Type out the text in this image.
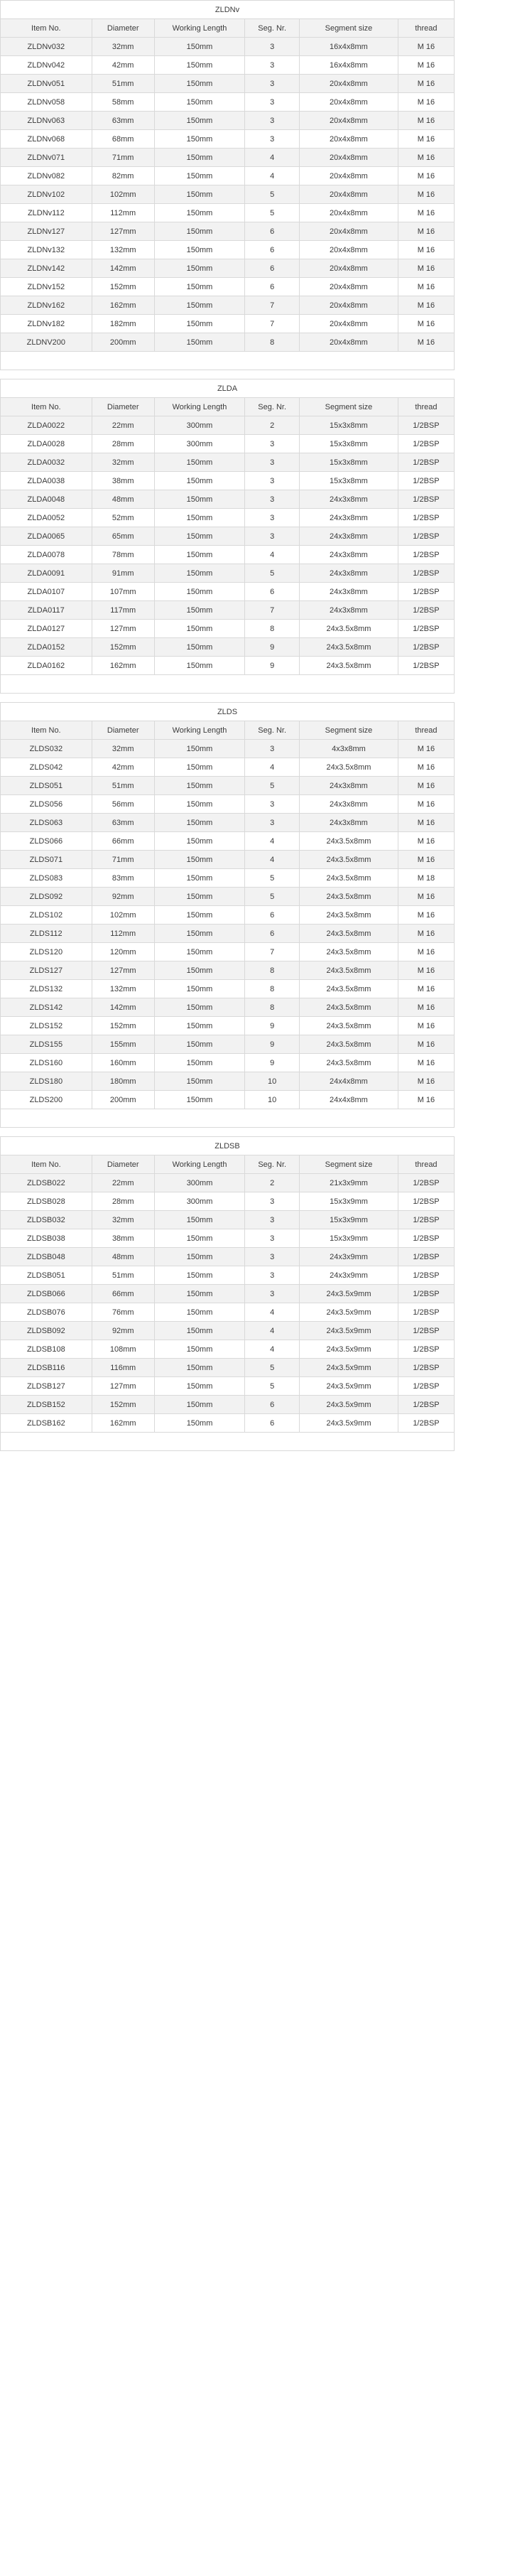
ZLDNv					
Item No.	Diameter	Working Length	Seg. Nr.	Segment size	thread
ZLDNv032	32mm	150mm	3	16x4x8mm	M 16
ZLDNv042	42mm	150mm	3	16x4x8mm	M 16
ZLDNv051	51mm	150mm	3	20x4x8mm	M 16
ZLDNv058	58mm	150mm	3	20x4x8mm	M 16
ZLDNv063	63mm	150mm	3	20x4x8mm	M 16
ZLDNv068	68mm	150mm	3	20x4x8mm	M 16
ZLDNv071	71mm	150mm	4	20x4x8mm	M 16
ZLDNv082	82mm	150mm	4	20x4x8mm	M 16
ZLDNv102	102mm	150mm	5	20x4x8mm	M 16
ZLDNv112	112mm	150mm	5	20x4x8mm	M 16
ZLDNv127	127mm	150mm	6	20x4x8mm	M 16
ZLDNv132	132mm	150mm	6	20x4x8mm	M 16
ZLDNv142	142mm	150mm	6	20x4x8mm	M 16
ZLDNv152	152mm	150mm	6	20x4x8mm	M 16
ZLDNv162	162mm	150mm	7	20x4x8mm	M 16
ZLDNv182	182mm	150mm	7	20x4x8mm	M 16
ZLDNV200	200mm	150mm	8	20x4x8mm	M 16

ZLDA					
Item No.	Diameter	Working Length	Seg. Nr.	Segment size	thread
ZLDA0022	22mm	300mm	2	15x3x8mm	1/2BSP
ZLDA0028	28mm	300mm	3	15x3x8mm	1/2BSP
ZLDA0032	32mm	150mm	3	15x3x8mm	1/2BSP
ZLDA0038	38mm	150mm	3	15x3x8mm	1/2BSP
ZLDA0048	48mm	150mm	3	24x3x8mm	1/2BSP
ZLDA0052	52mm	150mm	3	24x3x8mm	1/2BSP
ZLDA0065	65mm	150mm	3	24x3x8mm	1/2BSP
ZLDA0078	78mm	150mm	4	24x3x8mm	1/2BSP
ZLDA0091	91mm	150mm	5	24x3x8mm	1/2BSP
ZLDA0107	107mm	150mm	6	24x3x8mm	1/2BSP
ZLDA0117	117mm	150mm	7	24x3x8mm	1/2BSP
ZLDA0127	127mm	150mm	8	24x3.5x8mm	1/2BSP
ZLDA0152	152mm	150mm	9	24x3.5x8mm	1/2BSP
ZLDA0162	162mm	150mm	9	24x3.5x8mm	1/2BSP

ZLDS					
Item No.	Diameter	Working Length	Seg. Nr.	Segment size	thread
ZLDS032	32mm	150mm	3	4x3x8mm	M 16
ZLDS042	42mm	150mm	4	24x3.5x8mm	M 16
ZLDS051	51mm	150mm	5	24x3x8mm	M 16
ZLDS056	56mm	150mm	3	24x3x8mm	M 16
ZLDS063	63mm	150mm	3	24x3x8mm	M 16
ZLDS066	66mm	150mm	4	24x3.5x8mm	M 16
ZLDS071	71mm	150mm	4	24x3.5x8mm	M 16
ZLDS083	83mm	150mm	5	24x3.5x8mm	M 18
ZLDS092	92mm	150mm	5	24x3.5x8mm	M 16
ZLDS102	102mm	150mm	6	24x3.5x8mm	M 16
ZLDS112	112mm	150mm	6	24x3.5x8mm	M 16
ZLDS120	120mm	150mm	7	24x3.5x8mm	M 16
ZLDS127	127mm	150mm	8	24x3.5x8mm	M 16
ZLDS132	132mm	150mm	8	24x3.5x8mm	M 16
ZLDS142	142mm	150mm	8	24x3.5x8mm	M 16
ZLDS152	152mm	150mm	9	24x3.5x8mm	M 16
ZLDS155	155mm	150mm	9	24x3.5x8mm	M 16
ZLDS160	160mm	150mm	9	24x3.5x8mm	M 16
ZLDS180	180mm	150mm	10	24x4x8mm	M 16
ZLDS200	200mm	150mm	10	24x4x8mm	M 16

ZLDSB					
Item No.	Diameter	Working Length	Seg. Nr.	Segment size	thread
ZLDSB022	22mm	300mm	2	21x3x9mm	1/2BSP
ZLDSB028	28mm	300mm	3	15x3x9mm	1/2BSP
ZLDSB032	32mm	150mm	3	15x3x9mm	1/2BSP
ZLDSB038	38mm	150mm	3	15x3x9mm	1/2BSP
ZLDSB048	48mm	150mm	3	24x3x9mm	1/2BSP
ZLDSB051	51mm	150mm	3	24x3x9mm	1/2BSP
ZLDSB066	66mm	150mm	3	24x3.5x9mm	1/2BSP
ZLDSB076	76mm	150mm	4	24x3.5x9mm	1/2BSP
ZLDSB092	92mm	150mm	4	24x3.5x9mm	1/2BSP
ZLDSB108	108mm	150mm	4	24x3.5x9mm	1/2BSP
ZLDSB116	116mm	150mm	5	24x3.5x9mm	1/2BSP
ZLDSB127	127mm	150mm	5	24x3.5x9mm	1/2BSP
ZLDSB152	152mm	150mm	6	24x3.5x9mm	1/2BSP
ZLDSB162	162mm	150mm	6	24x3.5x9mm	1/2BSP
